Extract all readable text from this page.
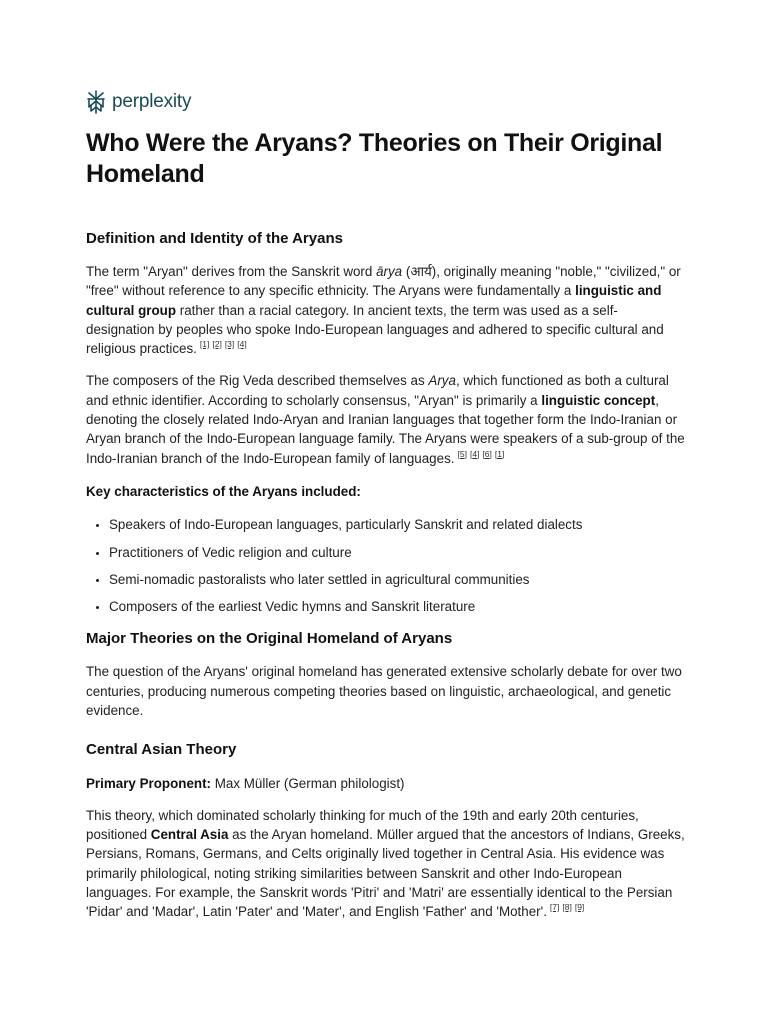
perplexity
Who Were the Aryans? Theories on Their Original Homeland
Definition and Identity of the Aryans

The term "Aryan" derives from the Sanskrit word ārya (आर्य), originally meaning "noble," "civilized," or "free" without reference to any specific ethnicity. The Aryans were fundamentally a linguistic and cultural group rather than a racial category. In ancient texts, the term was used as a self-designation by peoples who spoke Indo-European languages and adhered to specific cultural and religious practices. [1] [2] [3] [4]

The composers of the Rig Veda described themselves as Arya, which functioned as both a cultural and ethnic identifier. According to scholarly consensus, "Aryan" is primarily a linguistic concept, denoting the closely related Indo-Aryan and Iranian languages that together form the Indo-Iranian or Aryan branch of the Indo-European language family. The Aryans were speakers of a sub-group of the Indo-Iranian branch of the Indo-European family of languages. [5] [4] [6] [1]

Key characteristics of the Aryans included:

• Speakers of Indo-European languages, particularly Sanskrit and related dialects
• Practitioners of Vedic religion and culture
• Semi-nomadic pastoralists who later settled in agricultural communities
• Composers of the earliest Vedic hymns and Sanskrit literature
Major Theories on the Original Homeland of Aryans

The question of the Aryans' original homeland has generated extensive scholarly debate for over two centuries, producing numerous competing theories based on linguistic, archaeological, and genetic evidence.

Central Asian Theory

Primary Proponent: Max Müller (German philologist)

This theory, which dominated scholarly thinking for much of the 19th and early 20th centuries, positioned Central Asia as the Aryan homeland. Müller argued that the ancestors of Indians, Greeks, Persians, Romans, Germans, and Celts originally lived together in Central Asia. His evidence was primarily philological, noting striking similarities between Sanskrit and other Indo-European languages. For example, the Sanskrit words 'Pitri' and 'Matri' are essentially identical to the Persian 'Pidar' and 'Madar', Latin 'Pater' and 'Mater', and English 'Father' and 'Mother'. [7] [8] [9]
